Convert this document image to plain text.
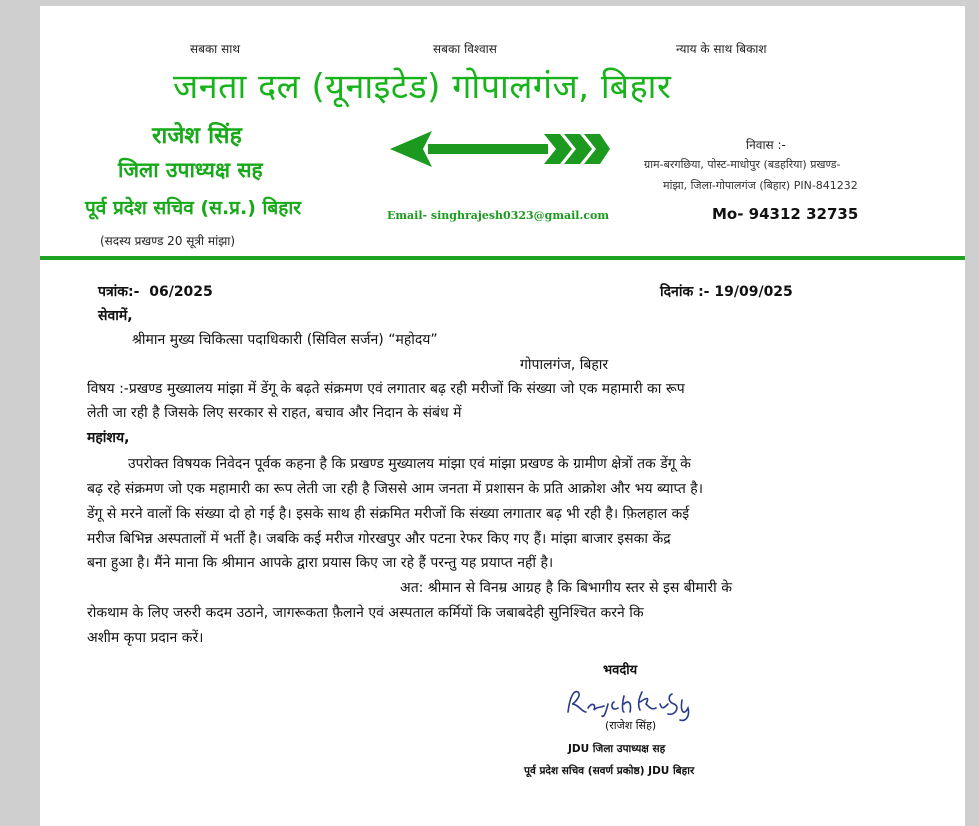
सबका साथ	सबका विश्वास	न्याय के साथ बिकाश
जनता दल (यूनाइटेड) गोपालगंज, बिहार
राजेश सिंह
जिला उपाध्यक्ष सह
पूर्व प्रदेश सचिव (स.प्र.) बिहार
(सदस्य प्रखण्ड 20 सूत्री मांझा)
Email- singhrajesh0323@gmail.com
निवास :-
ग्राम-बरगछिया, पोस्ट-माधोपुर (बडहरिया) प्रखण्ड-
मांझा, जिला-गोपालगंज (बिहार) PIN-841232
Mo- 94312 32735
पत्रांक:- 06/2025	दिनांक :- 19/09/025
सेवामें,
श्रीमान मुख्य चिकित्सा पदाधिकारी (सिविल सर्जन) “महोदय”
गोपालगंज, बिहार
विषय :-प्रखण्ड मुख्यालय मांझा में डेंगू के बढ़ते संक्रमण एवं लगातार बढ़ रही मरीजों कि संख्या जो एक महामारी का रूप
लेती जा रही है जिसके लिए सरकार से राहत, बचाव और निदान के संबंध में
महांशय,
उपरोक्त विषयक निवेदन पूर्वक कहना है कि प्रखण्ड मुख्यालय मांझा एवं मांझा प्रखण्ड के ग्रामीण क्षेत्रों तक डेंगू के
बढ़ रहे संक्रमण जो एक महामारी का रूप लेती जा रही है जिससे आम जनता में प्रशासन के प्रति आक्रोश और भय ब्याप्त है।
डेंगू से मरने वालों कि संख्या दो हो गई है। इसके साथ ही संक्रमित मरीजों कि संख्या लगातार बढ़ भी रही है। फ़िलहाल कई
मरीज बिभिन्न अस्पतालों में भर्ती है। जबकि कई मरीज गोरखपुर और पटना रेफर किए गए हैं। मांझा बाजार इसका केंद्र
बना हुआ है। मैंने माना कि श्रीमान आपके द्वारा प्रयास किए जा रहे हैं परन्तु यह प्रयाप्त नहीं है।
अत: श्रीमान से विनम्र आग्रह है कि बिभागीय स्तर से इस बीमारी के
रोकथाम के लिए जरुरी कदम उठाने, जागरूकता फ़ैलाने एवं अस्पताल कर्मियों कि जबाबदेही सुनिश्चित करने कि
अशीम कृपा प्रदान करें।
भवदीय
(राजेश सिंह)
JDU जिला उपाध्यक्ष सह
पूर्व प्रदेश सचिव (सवर्ण प्रकोष्ठ) JDU बिहार
